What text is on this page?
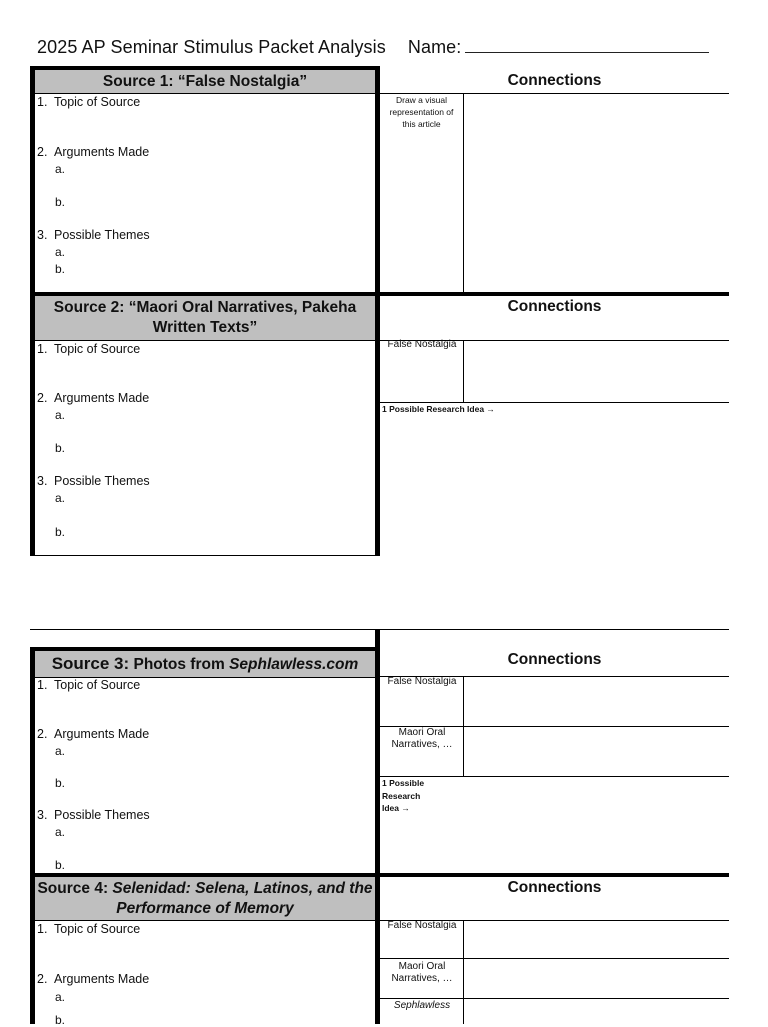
2025 AP Seminar Stimulus Packet Analysis Name:
Source 1: “False Nostalgia”	Connections
1. Topic of Source
2. Arguments Made
a.
b.
3. Possible Themes
a.
b.
Draw a visual representation of this article
Source 2: “Maori Oral Narratives, Pakeha
Written Texts”
Connections
1. Topic of Source
2. Arguments Made
a.
b.
3. Possible Themes
a.
b.
False Nostalgia
1 Possible Research Idea →
Source 3: Photos from Sephlawless.com	Connections
1. Topic of Source
2. Arguments Made
a.
b.
3. Possible Themes
a.
b.
False Nostalgia
Maori Oral Narratives, …
1 Possible
Research
Idea →
Source 4: Selenidad: Selena, Latinos, and the
Performance of Memory
Connections
1. Topic of Source
2. Arguments Made
a.
b.
False Nostalgia
Maori Oral Narratives, …
Sephlawless
